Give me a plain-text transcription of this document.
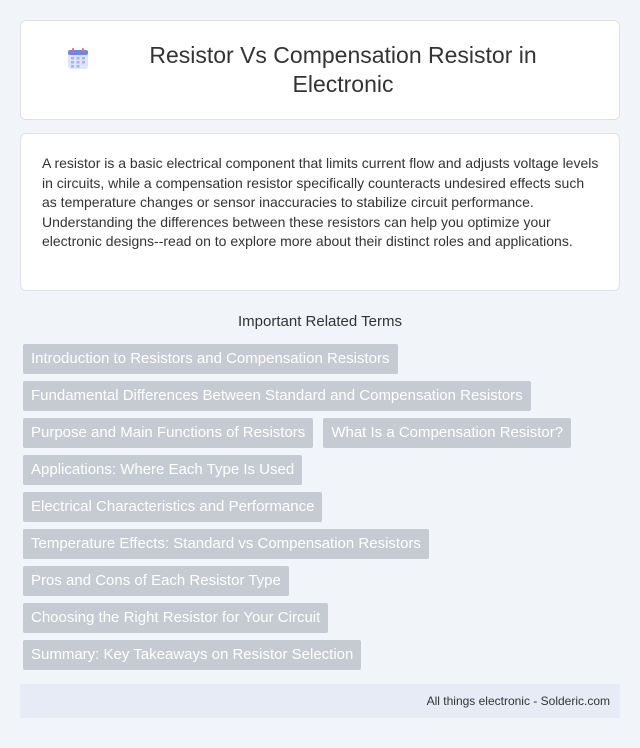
Resistor Vs Compensation Resistor in Electronic

A resistor is a basic electrical component that limits current flow and adjusts voltage levels in circuits, while a compensation resistor specifically counteracts undesired effects such as temperature changes or sensor inaccuracies to stabilize circuit performance. Understanding the differences between these resistors can help you optimize your electronic designs--read on to explore more about their distinct roles and applications.

Important Related Terms
Introduction to Resistors and Compensation Resistors
Fundamental Differences Between Standard and Compensation Resistors
Purpose and Main Functions of Resistors	What Is a Compensation Resistor?
Applications: Where Each Type Is Used
Electrical Characteristics and Performance
Temperature Effects: Standard vs Compensation Resistors
Pros and Cons of Each Resistor Type
Choosing the Right Resistor for Your Circuit
Summary: Key Takeaways on Resistor Selection
All things electronic - Solderic.com
